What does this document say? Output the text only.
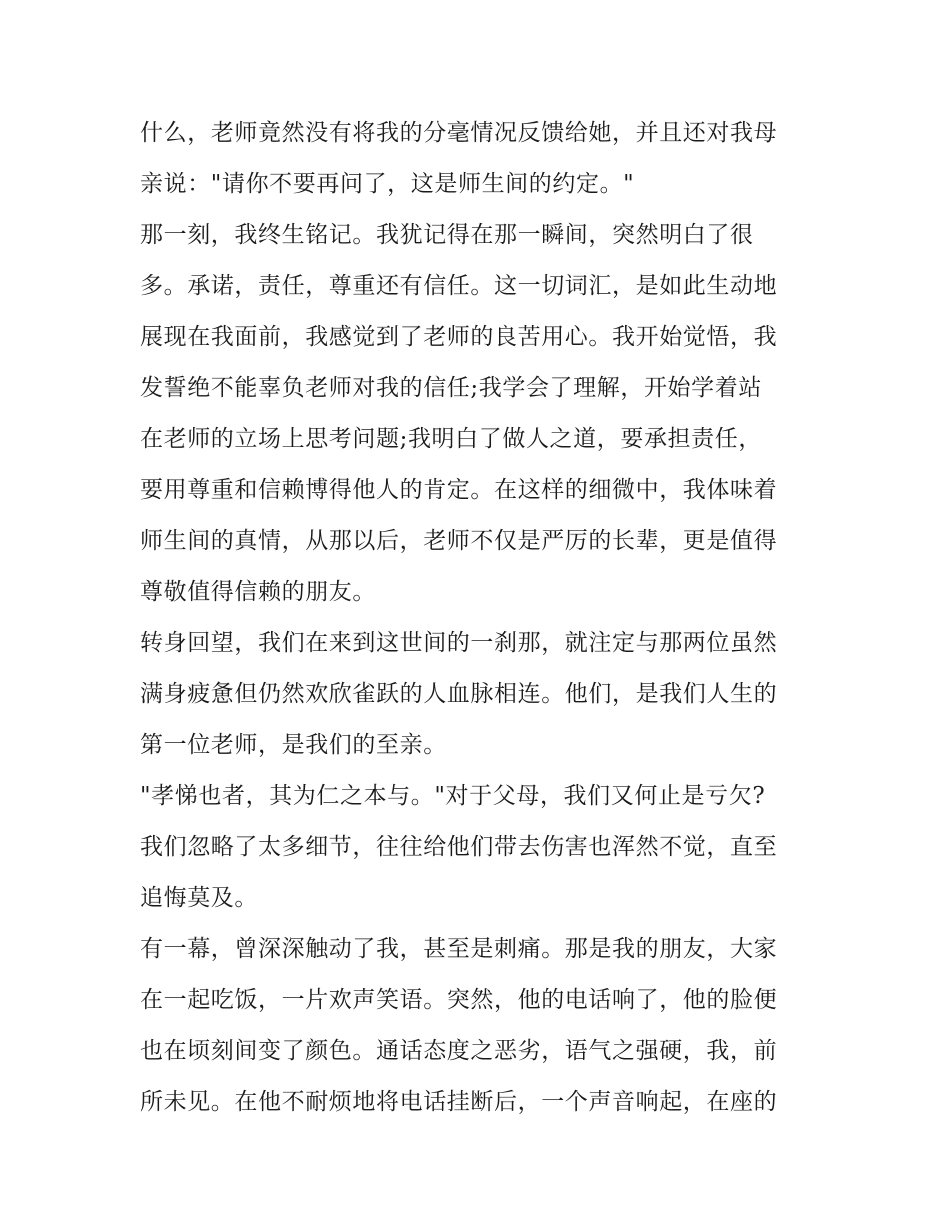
什么，老师竟然没有将我的分毫情况反馈给她，并且还对我母
亲说："请你不要再问了，这是师生间的约定。"
那一刻，我终生铭记。我犹记得在那一瞬间，突然明白了很
多。承诺，责任，尊重还有信任。这一切词汇，是如此生动地
展现在我面前，我感觉到了老师的良苦用心。我开始觉悟，我
发誓绝不能辜负老师对我的信任;我学会了理解，开始学着站
在老师的立场上思考问题;我明白了做人之道，要承担责任，
要用尊重和信赖博得他人的肯定。在这样的细微中，我体味着
师生间的真情，从那以后，老师不仅是严厉的长辈，更是值得
尊敬值得信赖的朋友。
转身回望，我们在来到这世间的一刹那，就注定与那两位虽然
满身疲惫但仍然欢欣雀跃的人血脉相连。他们，是我们人生的
第一位老师，是我们的至亲。
"孝悌也者，其为仁之本与。"对于父母，我们又何止是亏欠?
我们忽略了太多细节，往往给他们带去伤害也浑然不觉，直至
追悔莫及。
有一幕，曾深深触动了我，甚至是刺痛。那是我的朋友，大家
在一起吃饭，一片欢声笑语。突然，他的电话响了，他的脸便
也在顷刻间变了颜色。通话态度之恶劣，语气之强硬，我，前
所未见。在他不耐烦地将电话挂断后，一个声音响起，在座的
